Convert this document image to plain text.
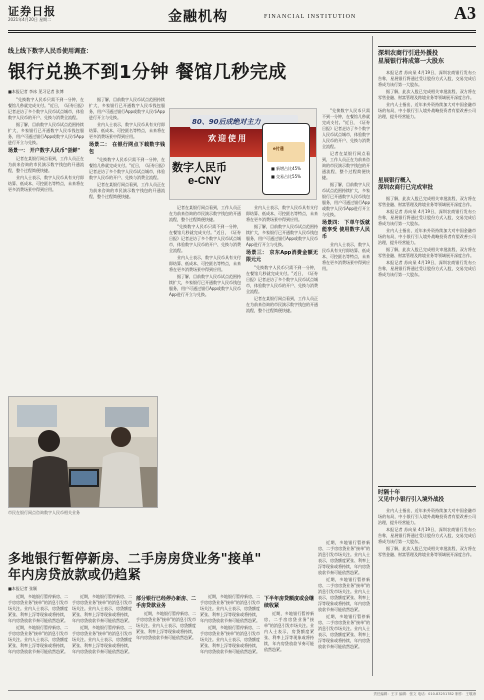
证券日报
2021年4月20日 星期二	金融机构	FINANCIAL INSTITUTION	A3
线上线下数字人民币使用调查：
银行兑换不到1分钟 餐馆几秒完成
■本报记者 李冰 见习记者 张博

"兑换数字人民币只需不到一分钟，在餐馆几秒就完成支付。"近日，《证券日报》记者走访了多个数字人民币试点城市，体验数字人民币的开户、兑换与消费全流程。

据了解，目前数字人民币试点范围持续扩大，多家银行已开通数字人民币钱包服务，用户可通过银行App或数字人民币App进行开立与兑换。

场景一： 开户数字人民币"尝鲜"

记者在某银行网点看到，工作人员正在为前来咨询的市民演示数字钱包的开通流程，整个过程简便快捷。

业内人士表示，数字人民币具有支付即结算、低成本、可控匿名等特点，未来将在更多消费场景中得到应用。

据了解，目前数字人民币试点范围持续扩大，多家银行已开通数字人民币钱包服务，用户可通过银行App或数字人民币App进行开立与兑换。

业内人士表示，数字人民币具有支付即结算、低成本、可控匿名等特点，未来将在更多消费场景中得到应用。

场景二： 在银行网点下载数字钱包

"兑换数字人民币只需不到一分钟，在餐馆几秒就完成支付。"近日，《证券日报》记者走访了多个数字人民币试点城市，体验数字人民币的开户、兑换与消费全流程。

记者在某银行网点看到，工作人员正在为前来咨询的市民演示数字钱包的开通流程，整个过程简便快捷。

80、90后成绝对主力
欢迎使用
数字人民币
e-CNY
e付通
■ 新增占比45%
■ 交易占比55%

记者在某银行网点看到，工作人员正在为前来咨询的市民演示数字钱包的开通流程，整个过程简便快捷。

"兑换数字人民币只需不到一分钟，在餐馆几秒就完成支付。"近日，《证券日报》记者走访了多个数字人民币试点城市，体验数字人民币的开户、兑换与消费全流程。

业内人士表示，数字人民币具有支付即结算、低成本、可控匿名等特点，未来将在更多消费场景中得到应用。

据了解，目前数字人民币试点范围持续扩大，多家银行已开通数字人民币钱包服务，用户可通过银行App或数字人民币App进行开立与兑换。

业内人士表示，数字人民币具有支付即结算、低成本、可控匿名等特点，未来将在更多消费场景中得到应用。

据了解，目前数字人民币试点范围持续扩大，多家银行已开通数字人民币钱包服务，用户可通过银行App或数字人民币App进行开立与兑换。

场景三： 京东App消费金额无限元元

"兑换数字人民币只需不到一分钟，在餐馆几秒就完成支付。"近日，《证券日报》记者走访了多个数字人民币试点城市，体验数字人民币的开户、兑换与消费全流程。

记者在某银行网点看到，工作人员正在为前来咨询的市民演示数字钱包的开通流程，整个过程简便快捷。

"兑换数字人民币只需不到一分钟，在餐馆几秒就完成支付。"近日，《证券日报》记者走访了多个数字人民币试点城市，体验数字人民币的开户、兑换与消费全流程。

记者在某银行网点看到，工作人员正在为前来咨询的市民演示数字钱包的开通流程，整个过程简便快捷。

据了解，目前数字人民币试点范围持续扩大，多家银行已开通数字人民币钱包服务，用户可通过银行App或数字人民币App进行开立与兑换。

场景四： 下单午饭就能享受 使用数字人民币

业内人士表示，数字人民币具有支付即结算、低成本、可控匿名等特点，未来将在更多消费场景中得到应用。

市民在银行网点咨询数字人民币相关业务
多地银行暂停新房、二手房房贷业务"接单"
年内房贷放款或仍趋紧
■本报记者 张颖

近期，多地银行暂停新房、二手房房贷业务"接单"的消息引发市场关注。业内人士表示，房贷额度紧张、利率上浮等现象或将持续，年内房贷放款节奏可能依然趋紧。

近期，多地银行暂停新房、二手房房贷业务"接单"的消息引发市场关注。业内人士表示，房贷额度紧张、利率上浮等现象或将持续，年内房贷放款节奏可能依然趋紧。

近期，多地银行暂停新房、二手房房贷业务"接单"的消息引发市场关注。业内人士表示，房贷额度紧张、利率上浮等现象或将持续，年内房贷放款节奏可能依然趋紧。

近期，多地银行暂停新房、二手房房贷业务"接单"的消息引发市场关注。业内人士表示，房贷额度紧张、利率上浮等现象或将持续，年内房贷放款节奏可能依然趋紧。

部分银行已经停办新房、二手房贷款业务

近期，多地银行暂停新房、二手房房贷业务"接单"的消息引发市场关注。业内人士表示，房贷额度紧张、利率上浮等现象或将持续，年内房贷放款节奏可能依然趋紧。

近期，多地银行暂停新房、二手房房贷业务"接单"的消息引发市场关注。业内人士表示，房贷额度紧张、利率上浮等现象或将持续，年内房贷放款节奏可能依然趋紧。

近期，多地银行暂停新房、二手房房贷业务"接单"的消息引发市场关注。业内人士表示，房贷额度紧张、利率上浮等现象或将持续，年内房贷放款节奏可能依然趋紧。

下半年房贷额度或会继续收紧

近期，多地银行暂停新房、二手房房贷业务"接单"的消息引发市场关注。业内人士表示，房贷额度紧张、利率上浮等现象或将持续，年内房贷放款节奏可能依然趋紧。

近期，多地银行暂停新房、二手房房贷业务"接单"的消息引发市场关注。业内人士表示，房贷额度紧张、利率上浮等现象或将持续，年内房贷放款节奏可能依然趋紧。

近期，多地银行暂停新房、二手房房贷业务"接单"的消息引发市场关注。业内人士表示，房贷额度紧张、利率上浮等现象或将持续，年内房贷放款节奏可能依然趋紧。

近期，多地银行暂停新房、二手房房贷业务"接单"的消息引发市场关注。业内人士表示，房贷额度紧张、利率上浮等现象或将持续，年内房贷放款节奏可能依然趋紧。

深圳农商行引进外援投
星展银行将成第一大股东

本报记者 苏向杲 4月19日，深圳农商银行发布公告称，星展银行将通过受让股份方式入股，交易完成后将成为该行第一大股东。

据了解，此次入股已完成相关审批流程，双方将在零售金融、财富管理及跨境业务等领域展开深度合作。

业内人士指出，近年来外资持续加大对中国金融市场的布局，中小银行引入境外战略投资者有望改善公司治理，提升经营能力。

星展银行概入
深圳农商行已完成审批

据了解，此次入股已完成相关审批流程，双方将在零售金融、财富管理及跨境业务等领域展开深度合作。

本报记者 苏向杲 4月19日，深圳农商银行发布公告称，星展银行将通过受让股份方式入股，交易完成后将成为该行第一大股东。

业内人士指出，近年来外资持续加大对中国金融市场的布局，中小银行引入境外战略投资者有望改善公司治理，提升经营能力。

据了解，此次入股已完成相关审批流程，双方将在零售金融、财富管理及跨境业务等领域展开深度合作。

本报记者 苏向杲 4月19日，深圳农商银行发布公告称，星展银行将通过受让股份方式入股，交易完成后将成为该行第一大股东。

时隔十年
又见中小银行引入境外战投

业内人士指出，近年来外资持续加大对中国金融市场的布局，中小银行引入境外战略投资者有望改善公司治理，提升经营能力。

本报记者 苏向杲 4月19日，深圳农商银行发布公告称，星展银行将通过受让股份方式入股，交易完成后将成为该行第一大股东。

据了解，此次入股已完成相关审批流程，双方将在零售金融、财富管理及跨境业务等领域展开深度合作。

责任编辑：王宇 编辑：张文 电话：010-83251782 制作：王敬涛
